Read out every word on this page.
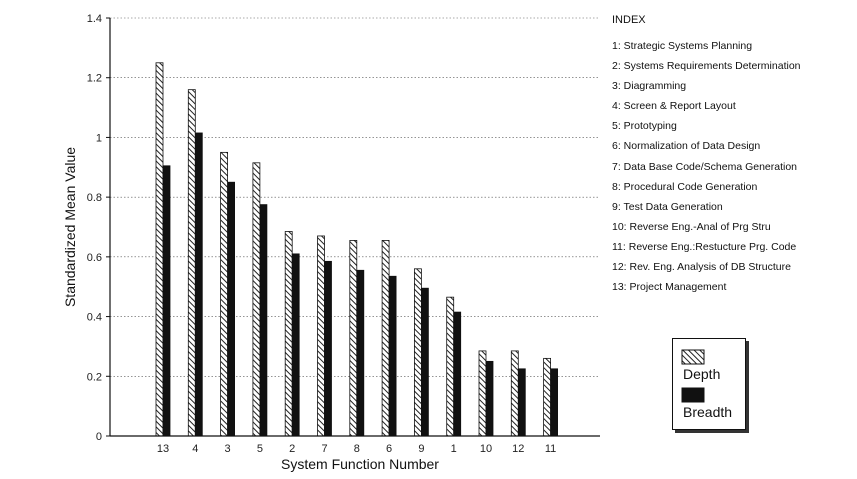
0
0.2
0.4
0.6
0.8
1
1.2
1.4
13 4 3 5 2 7 8 6 9 1 10 12 11
System Function Number
Standardized Mean Value
INDEX
1: Strategic Systems Planning
2: Systems Requirements Determination
3: Diagramming
4: Screen & Report Layout
5: Prototyping
6: Normalization of Data Design
7: Data Base Code/Schema Generation
8: Procedural Code Generation
9: Test Data Generation
10: Reverse Eng.-Anal of Prg Stru
11: Reverse Eng.:Restucture Prg. Code
12: Rev. Eng. Analysis of DB Structure
13: Project Management
Depth
Breadth
